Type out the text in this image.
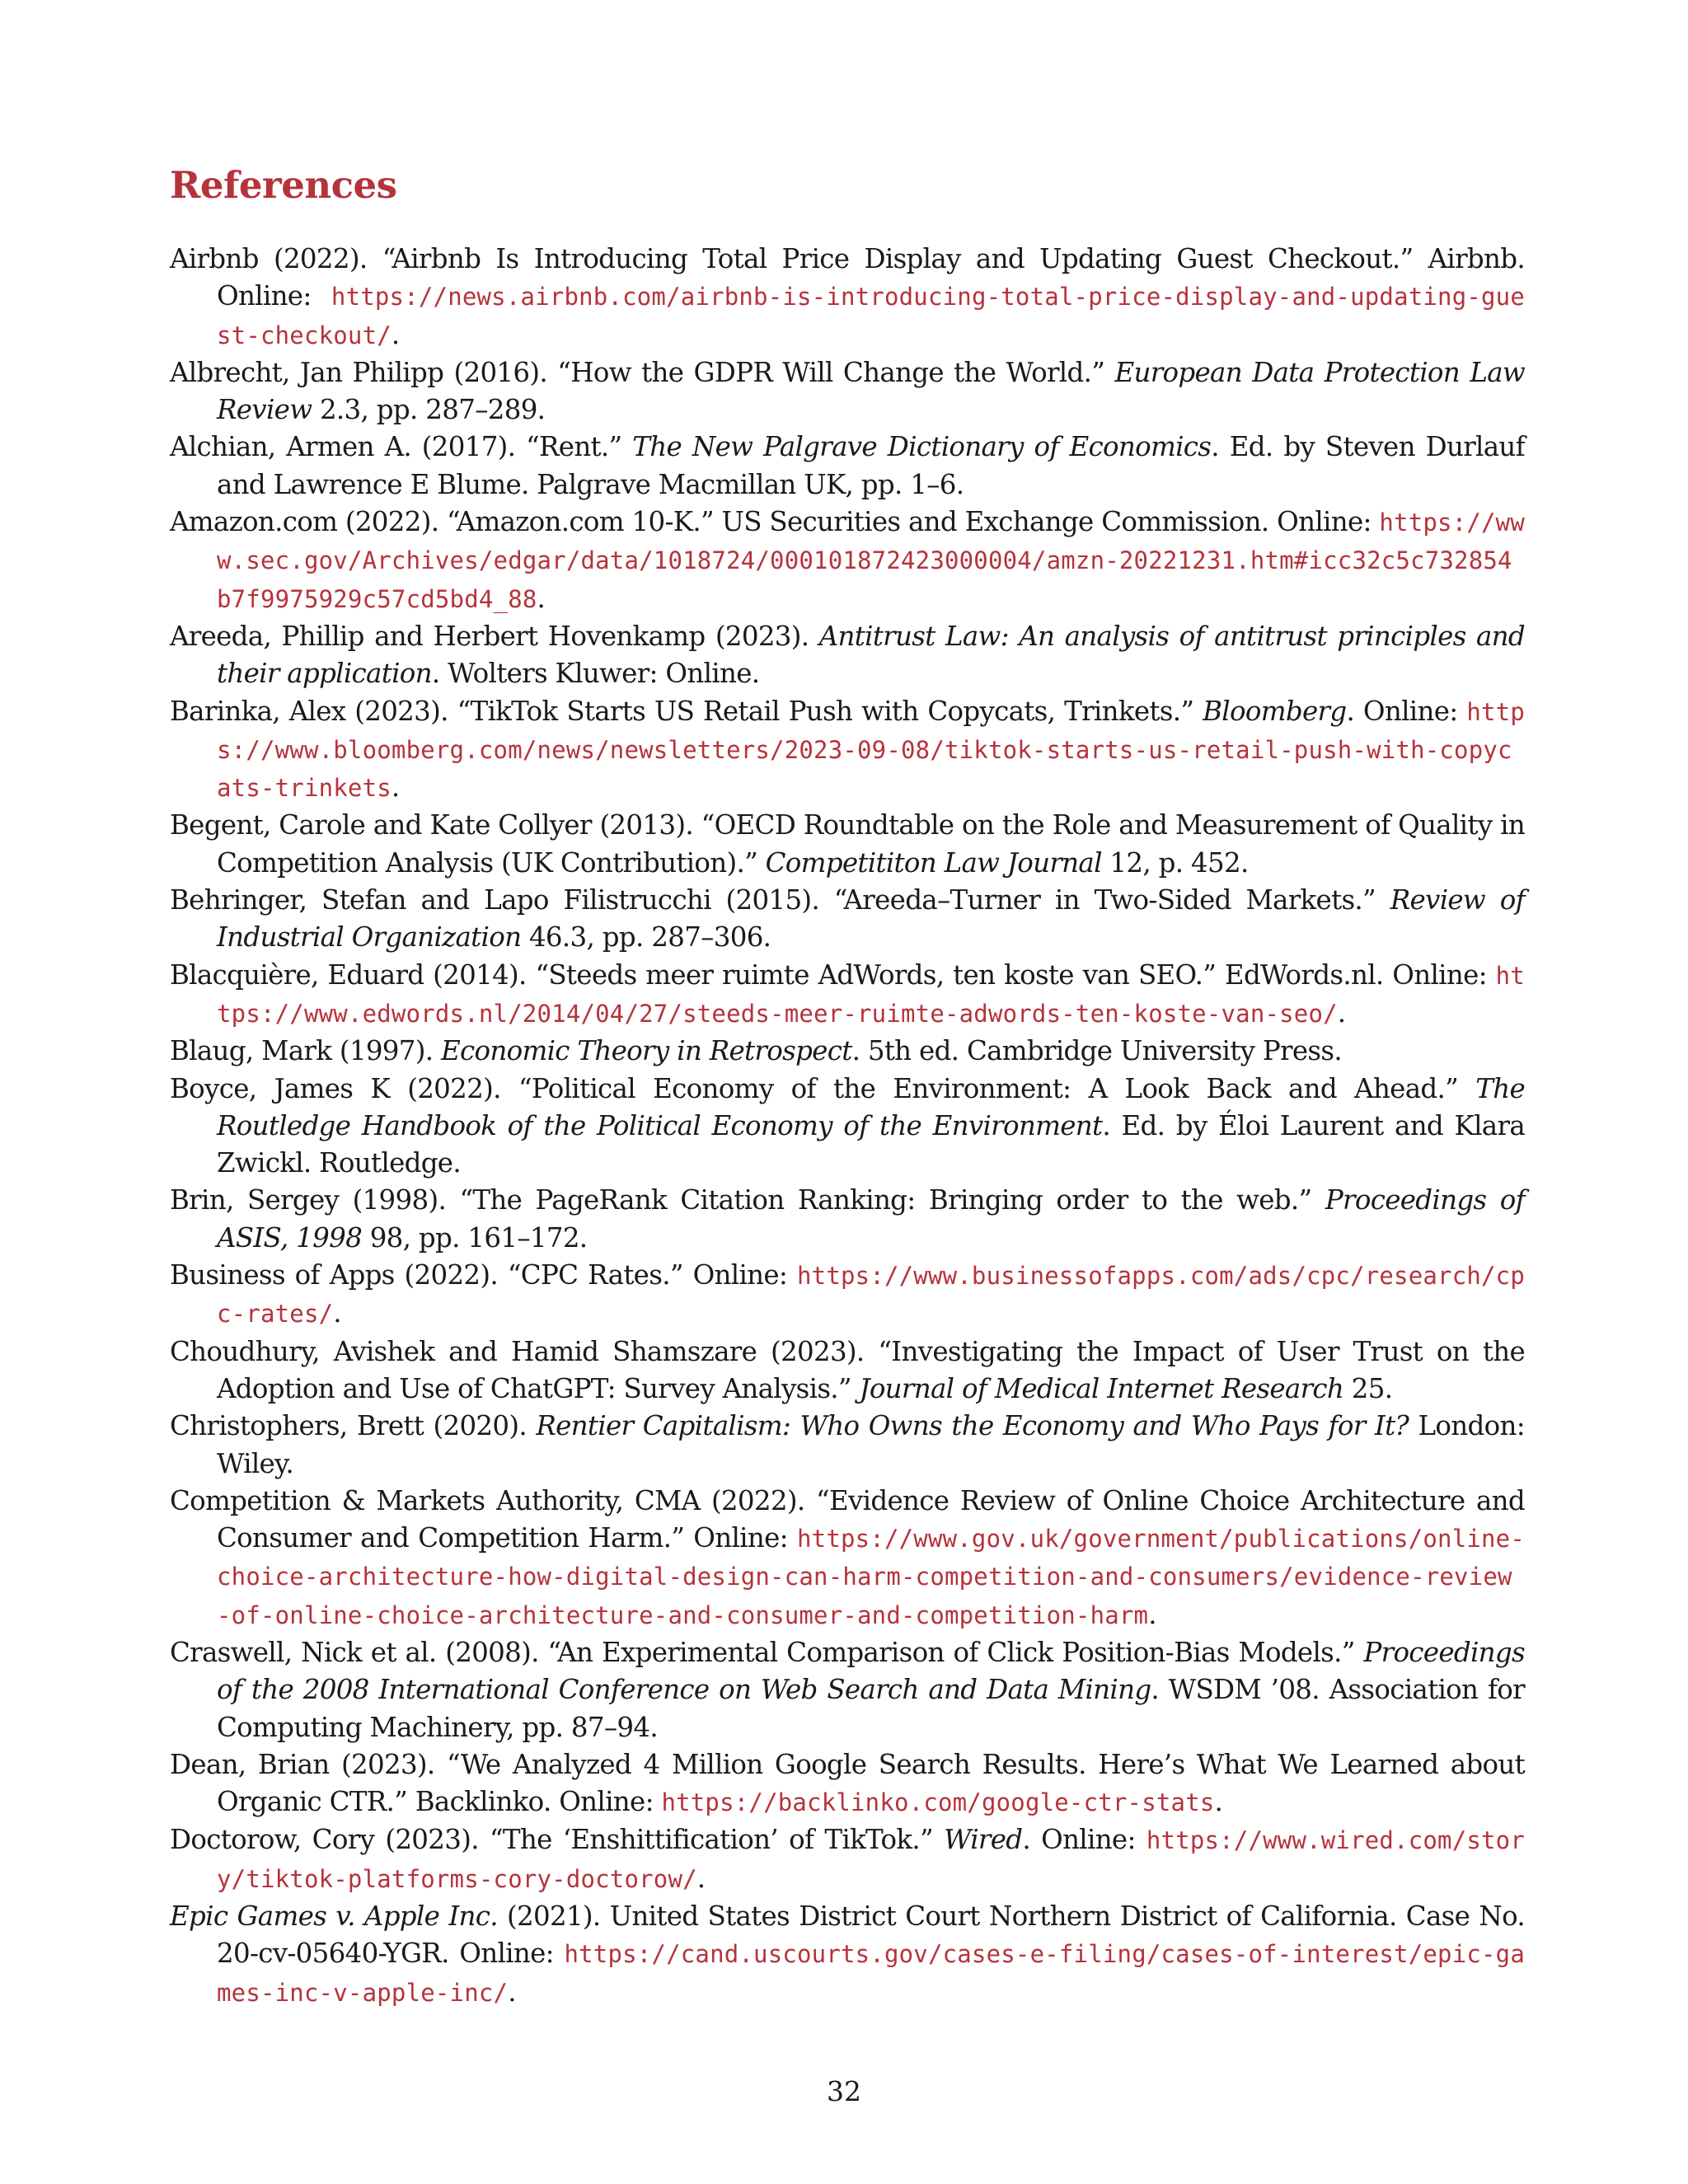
References
Airbnb (2022). “Airbnb Is Introducing Total Price Display and Updating Guest Checkout.” Airbnb. Online: https://news.airbnb.com/airbnb-is-introducing-total-price-display-and-updating-guest-checkout/.
Albrecht, Jan Philipp (2016). “How the GDPR Will Change the World.” European Data Protection Law Review 2.3, pp. 287–289.
Alchian, Armen A. (2017). “Rent.” The New Palgrave Dictionary of Economics. Ed. by Steven Durlauf and Lawrence E Blume. Palgrave Macmillan UK, pp. 1–6.
Amazon.com (2022). “Amazon.com 10-K.” US Securities and Exchange Commission. Online: https://www.sec.gov/Archives/edgar/data/1018724/000101872423000004/amzn-20221231.htm#icc32c5c732854b7f9975929c57cd5bd4_88.
Areeda, Phillip and Herbert Hovenkamp (2023). Antitrust Law: An analysis of antitrust principles and their application. Wolters Kluwer: Online.
Barinka, Alex (2023). “TikTok Starts US Retail Push with Copycats, Trinkets.” Bloomberg. Online: https://www.bloomberg.com/news/newsletters/2023-09-08/tiktok-starts-us-retail-push-with-copycats-trinkets.
Begent, Carole and Kate Collyer (2013). “OECD Roundtable on the Role and Measurement of Quality in Competition Analysis (UK Contribution).” Competititon Law Journal 12, p. 452.
Behringer, Stefan and Lapo Filistrucchi (2015). “Areeda–Turner in Two-Sided Markets.” Review of Industrial Organization 46.3, pp. 287–306.
Blacquière, Eduard (2014). “Steeds meer ruimte AdWords, ten koste van SEO.” EdWords.nl. Online: https://www.edwords.nl/2014/04/27/steeds-meer-ruimte-adwords-ten-koste-van-seo/.
Blaug, Mark (1997). Economic Theory in Retrospect. 5th ed. Cambridge University Press.
Boyce, James K (2022). “Political Economy of the Environment: A Look Back and Ahead.” The Routledge Handbook of the Political Economy of the Environment. Ed. by Éloi Laurent and Klara Zwickl. Routledge.
Brin, Sergey (1998). “The PageRank Citation Ranking: Bringing order to the web.” Proceedings of ASIS, 1998 98, pp. 161–172.
Business of Apps (2022). “CPC Rates.” Online: https://www.businessofapps.com/ads/cpc/research/cpc-rates/.
Choudhury, Avishek and Hamid Shamszare (2023). “Investigating the Impact of User Trust on the Adoption and Use of ChatGPT: Survey Analysis.” Journal of Medical Internet Research 25.
Christophers, Brett (2020). Rentier Capitalism: Who Owns the Economy and Who Pays for It? London: Wiley.
Competition & Markets Authority, CMA (2022). “Evidence Review of Online Choice Architecture and Consumer and Competition Harm.” Online: https://www.gov.uk/government/publications/online-choice-architecture-how-digital-design-can-harm-competition-and-consumers/evidence-review-of-online-choice-architecture-and-consumer-and-competition-harm.
Craswell, Nick et al. (2008). “An Experimental Comparison of Click Position-Bias Models.” Proceedings of the 2008 International Conference on Web Search and Data Mining. WSDM ’08. Association for Computing Machinery, pp. 87–94.
Dean, Brian (2023). “We Analyzed 4 Million Google Search Results. Here’s What We Learned about Organic CTR.” Backlinko. Online: https://backlinko.com/google-ctr-stats.
Doctorow, Cory (2023). “The ‘Enshittification’ of TikTok.” Wired. Online: https://www.wired.com/story/tiktok-platforms-cory-doctorow/.
Epic Games v. Apple Inc. (2021). United States District Court Northern District of California. Case No. 20-cv-05640-YGR. Online: https://cand.uscourts.gov/cases-e-filing/cases-of-interest/epic-games-inc-v-apple-inc/.
32
